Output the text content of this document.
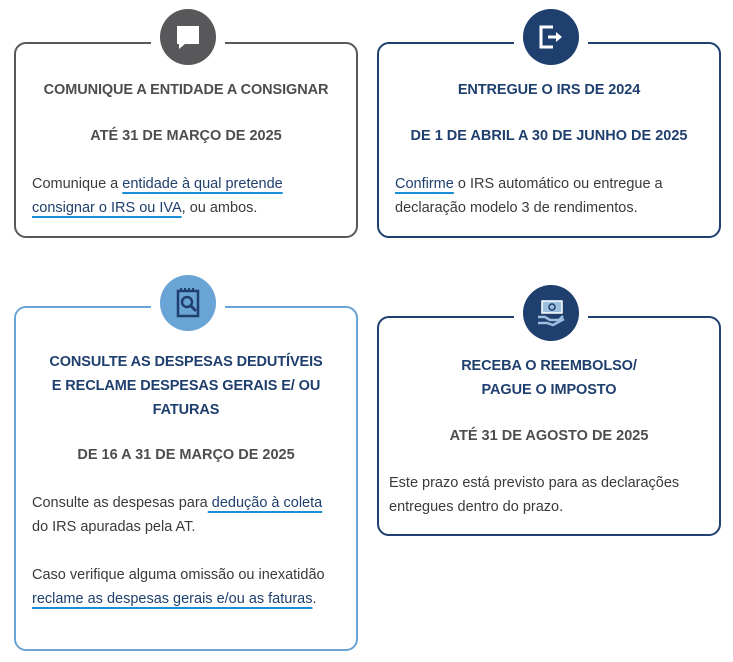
COMUNIQUE A ENTIDADE A CONSIGNAR
ATÉ 31 DE MARÇO DE 2025
Comunique a entidade à qual pretende consignar o IRS ou IVA, ou ambos.
ENTREGUE O IRS DE 2024
DE 1 DE ABRIL A 30 DE JUNHO DE 2025
Confirme o IRS automático ou entregue a declaração modelo 3 de rendimentos.
CONSULTE AS DESPESAS DEDUTÍVEIS
E RECLAME DESPESAS GERAIS E/ OU
FATURAS
DE 16 A 31 DE MARÇO DE 2025

Consulte as despesas para dedução à coleta do IRS apuradas pela AT.

Caso verifique alguma omissão ou inexatidão reclame as despesas gerais e/ou as faturas.

RECEBA O REEMBOLSO/
PAGUE O IMPOSTO
ATÉ 31 DE AGOSTO DE 2025
Este prazo está previsto para as declarações entregues dentro do prazo.
